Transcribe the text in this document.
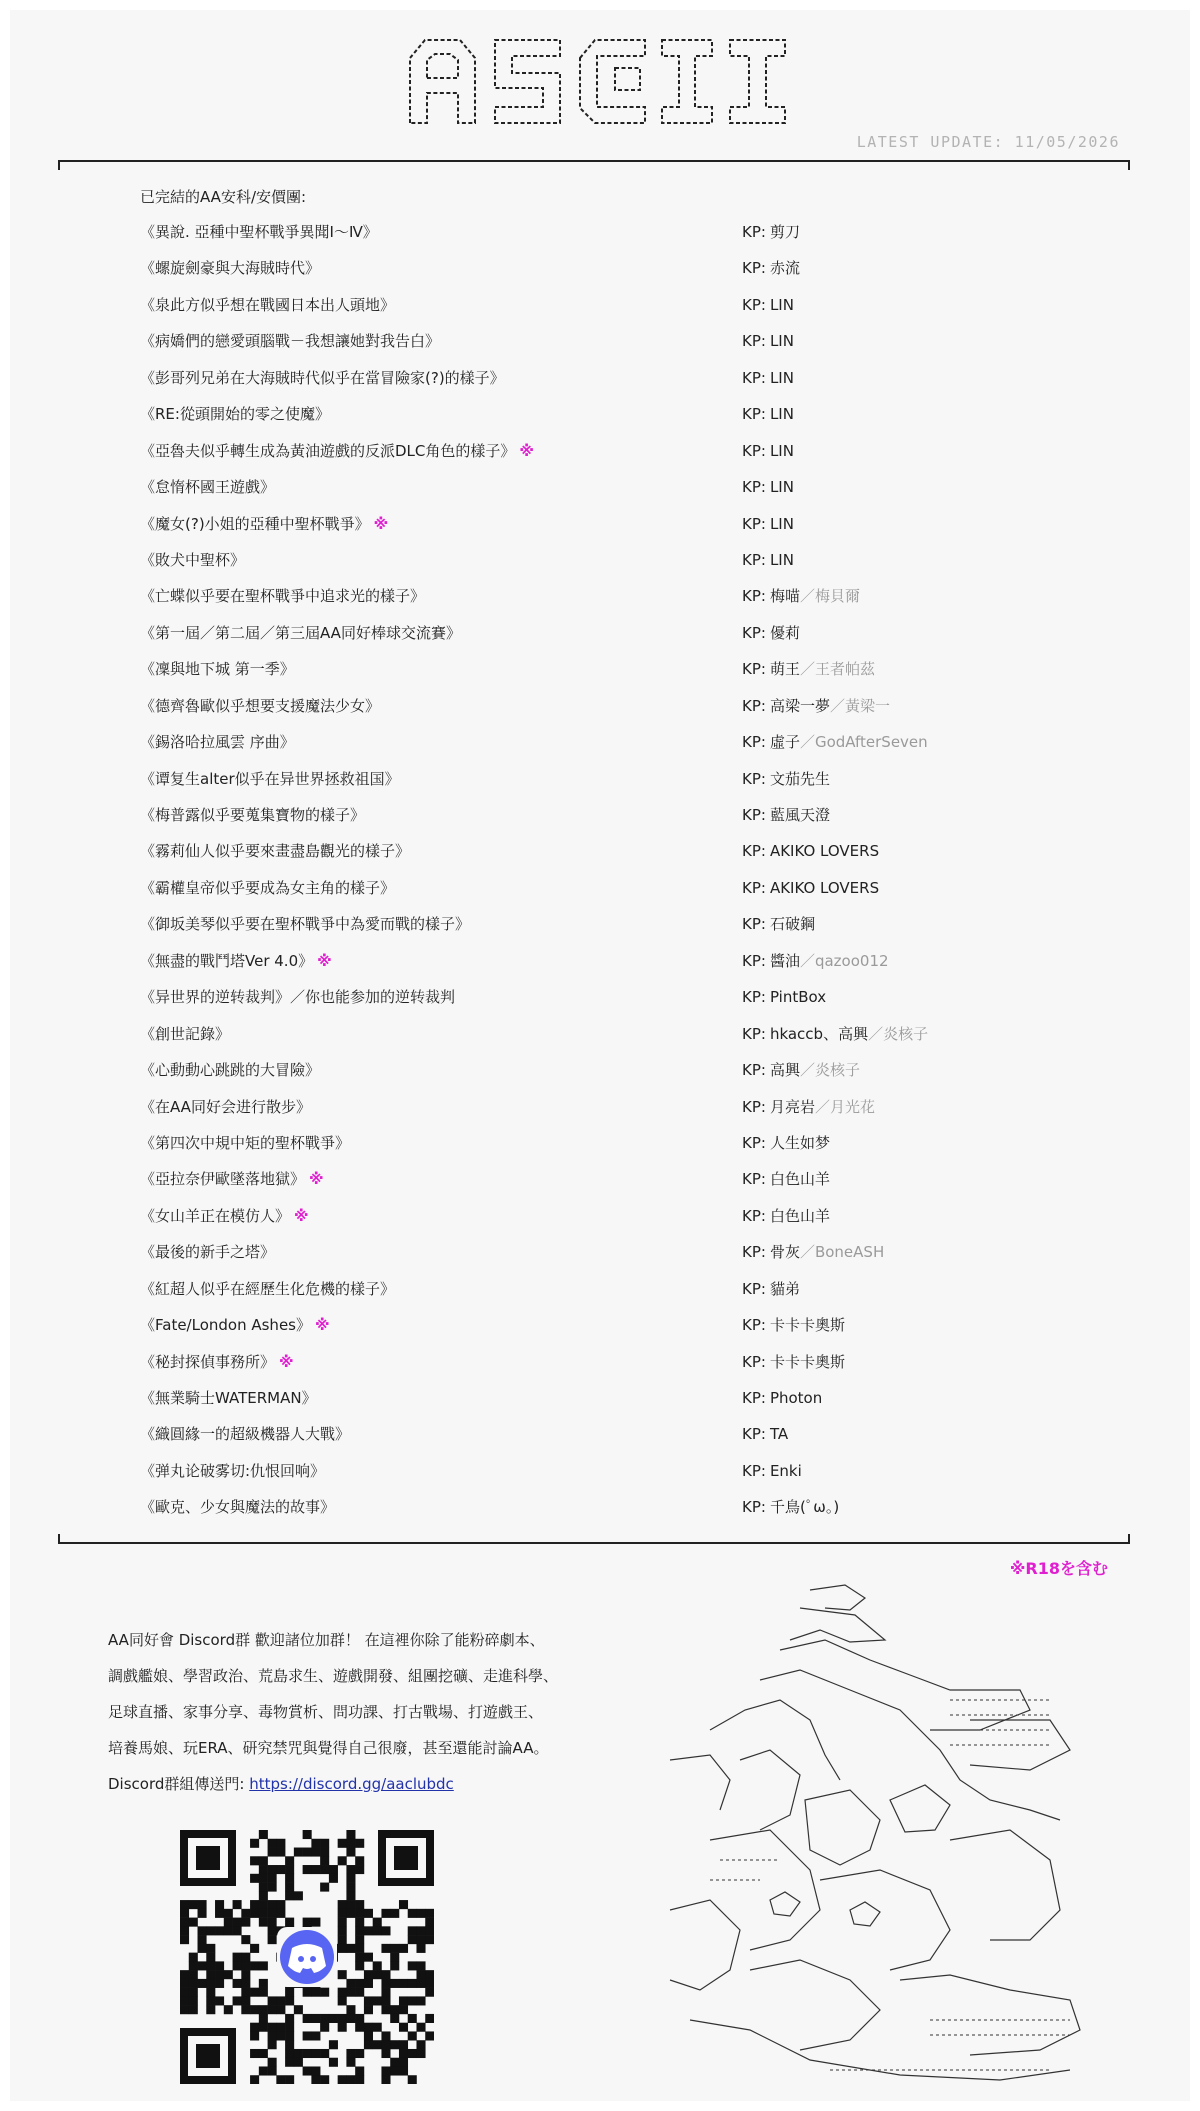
LATEST UPDATE: 11/05/2026
已完結的AA安科/安價團:
《異說. 亞種中聖杯戰爭異聞Ⅰ～Ⅳ》	KP: 剪刀
《螺旋劍豪與大海賊時代》	KP: 赤流
《泉此方似乎想在戰國日本出人頭地》	KP: LIN
《病嬌們的戀愛頭腦戰－我想讓她對我告白》	KP: LIN
《彭哥列兄弟在大海賊時代似乎在當冒險家(?)的樣子》	KP: LIN
《RE:從頭開始的零之使魔》	KP: LIN
《亞魯夫似乎轉生成為黃油遊戲的反派DLC角色的樣子》 ※	KP: LIN
《怠惰杯國王遊戲》	KP: LIN
《魔女(?)小姐的亞種中聖杯戰爭》 ※	KP: LIN
《敗犬中聖杯》	KP: LIN
《亡蝶似乎要在聖杯戰爭中追求光的樣子》	KP: 梅喵／梅貝爾
《第一屆／第二屆／第三屆AA同好棒球交流賽》	KP: 優莉
《凜與地下城 第一季》	KP: 萌王／王者帕茲
《德齊魯歐似乎想要支援魔法少女》	KP: 高梁一夢／黃梁一
《錫洛哈拉風雲 序曲》	KP: 虛子／GodAfterSeven
《谭复生alter似乎在异世界拯救祖国》	KP: 文茄先生
《梅普露似乎要蒐集寶物的樣子》	KP: 藍風天澄
《霧莉仙人似乎要來畫盡島觀光的樣子》	KP: AKIKO LOVERS
《霸權皇帝似乎要成為女主角的樣子》	KP: AKIKO LOVERS
《御坂美琴似乎要在聖杯戰爭中為愛而戰的樣子》	KP: 石破鋼
《無盡的戰鬥塔Ver 4.0》 ※	KP: 醬油／qazoo012
《异世界的逆转裁判》／你也能参加的逆转裁判	KP: PintBox
《創世記錄》	KP: hkaccb、高興／炎核子
《心動動心跳跳的大冒險》	KP: 高興／炎核子
《在AA同好会进行散步》	KP: 月亮岩／月光花
《第四次中規中矩的聖杯戰爭》	KP: 人生如梦
《亞拉奈伊歐墜落地獄》 ※	KP: 白色山羊
《女山羊正在模仿人》 ※	KP: 白色山羊
《最後的新手之塔》	KP: 骨灰／BoneASH
《紅超人似乎在經歷生化危機的樣子》	KP: 貓弟
《Fate/London Ashes》 ※	KP: 卡卡卡奧斯
《秘封探偵事務所》 ※	KP: 卡卡卡奧斯
《無業騎士WATERMAN》	KP: Photon
《織圓緣一的超級機器人大戰》	KP: TA
《弹丸论破雾切:仇恨回响》	KP: Enki
《歐克、少女與魔法的故事》	KP: 千鳥(ﾟω。)
※R18を含む
AA同好會 Discord群 歡迎諸位加群！ 在這裡你除了能粉碎劇本、
調戲艦娘、學習政治、荒島求生、遊戲開發、組團挖礦、走進科學、
足球直播、家事分享、毒物賞析、問功課、打古戰場、打遊戲王、
培養馬娘、玩ERA、研究禁咒與覺得自己很廢，甚至還能討論AA。
Discord群組傳送門: https://discord.gg/aaclubdc
